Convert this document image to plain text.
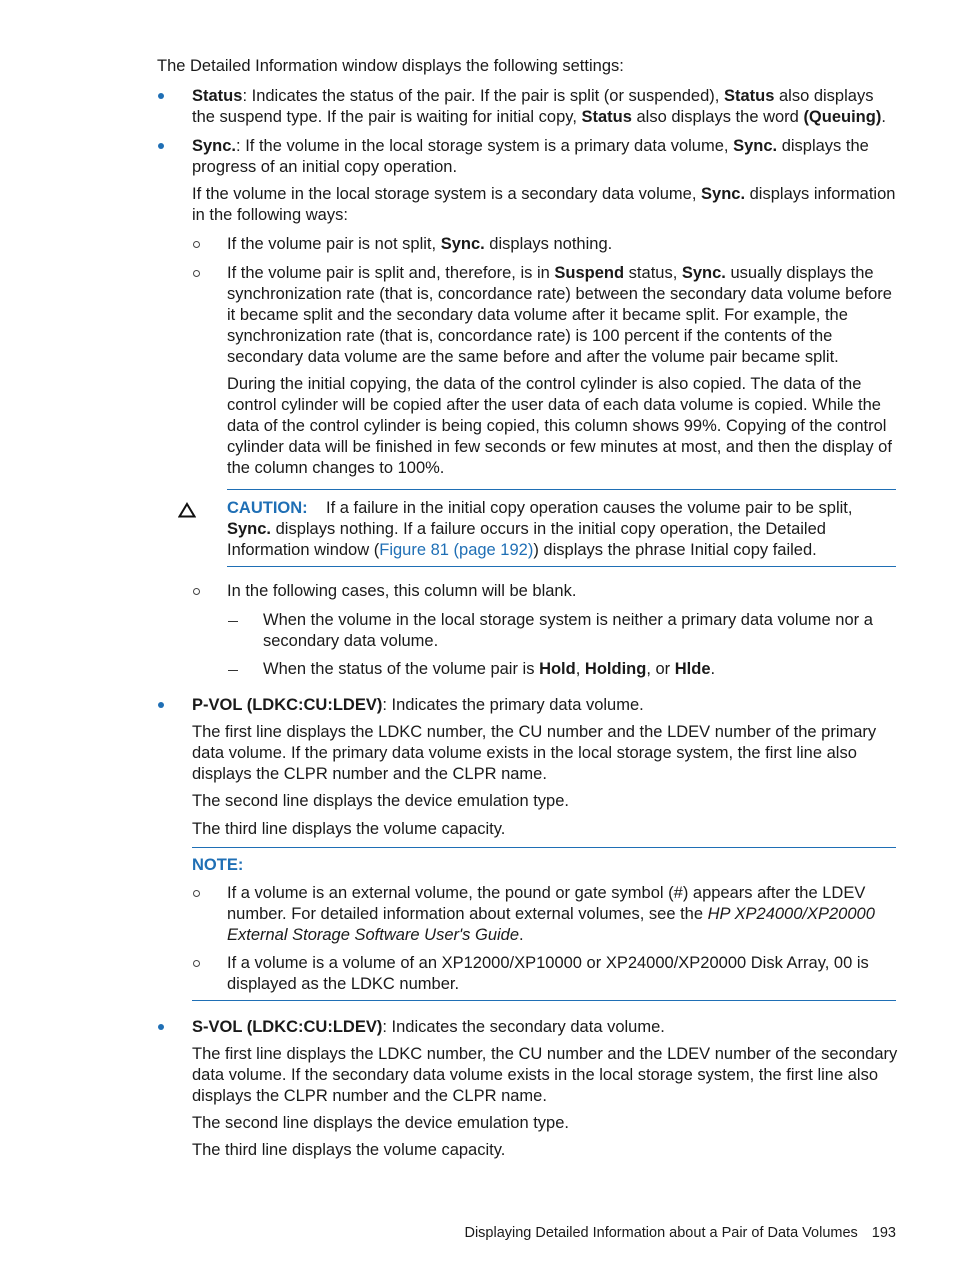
The Detailed Information window displays the following settings:

Status: Indicates the status of the pair. If the pair is split (or suspended), Status also displays the suspend type. If the pair is waiting for initial copy, Status also displays the word (Queuing).

Sync.: If the volume in the local storage system is a primary data volume, Sync. displays the progress of an initial copy operation.

If the volume in the local storage system is a secondary data volume, Sync. displays information in the following ways:

If the volume pair is not split, Sync. displays nothing.

If the volume pair is split and, therefore, is in Suspend status, Sync. usually displays the synchronization rate (that is, concordance rate) between the secondary data volume before it became split and the secondary data volume after it became split. For example, the synchronization rate (that is, concordance rate) is 100 percent if the contents of the secondary data volume are the same before and after the volume pair became split.

During the initial copying, the data of the control cylinder is also copied. The data of the control cylinder will be copied after the user data of each data volume is copied. While the data of the control cylinder is being copied, this column shows 99%. Copying of the control cylinder data will be finished in few seconds or few minutes at most, and then the display of the column changes to 100%.

CAUTION: If a failure in the initial copy operation causes the volume pair to be split, Sync. displays nothing. If a failure occurs in the initial copy operation, the Detailed Information window (Figure 81 (page 192)) displays the phrase Initial copy failed.

In the following cases, this column will be blank.

When the volume in the local storage system is neither a primary data volume nor a secondary data volume.

When the status of the volume pair is Hold, Holding, or Hlde.

P-VOL (LDKC:CU:LDEV): Indicates the primary data volume.

The first line displays the LDKC number, the CU number and the LDEV number of the primary data volume. If the primary data volume exists in the local storage system, the first line also displays the CLPR number and the CLPR name.

The second line displays the device emulation type.

The third line displays the volume capacity.

NOTE:

If a volume is an external volume, the pound or gate symbol (#) appears after the LDEV number. For detailed information about external volumes, see the HP XP24000/XP20000 External Storage Software User's Guide.

If a volume is a volume of an XP12000/XP10000 or XP24000/XP20000 Disk Array, 00 is displayed as the LDKC number.

S-VOL (LDKC:CU:LDEV): Indicates the secondary data volume.

The first line displays the LDKC number, the CU number and the LDEV number of the secondary data volume. If the secondary data volume exists in the local storage system, the first line also displays the CLPR number and the CLPR name.

The second line displays the device emulation type.

The third line displays the volume capacity.

Displaying Detailed Information about a Pair of Data Volumes 193
